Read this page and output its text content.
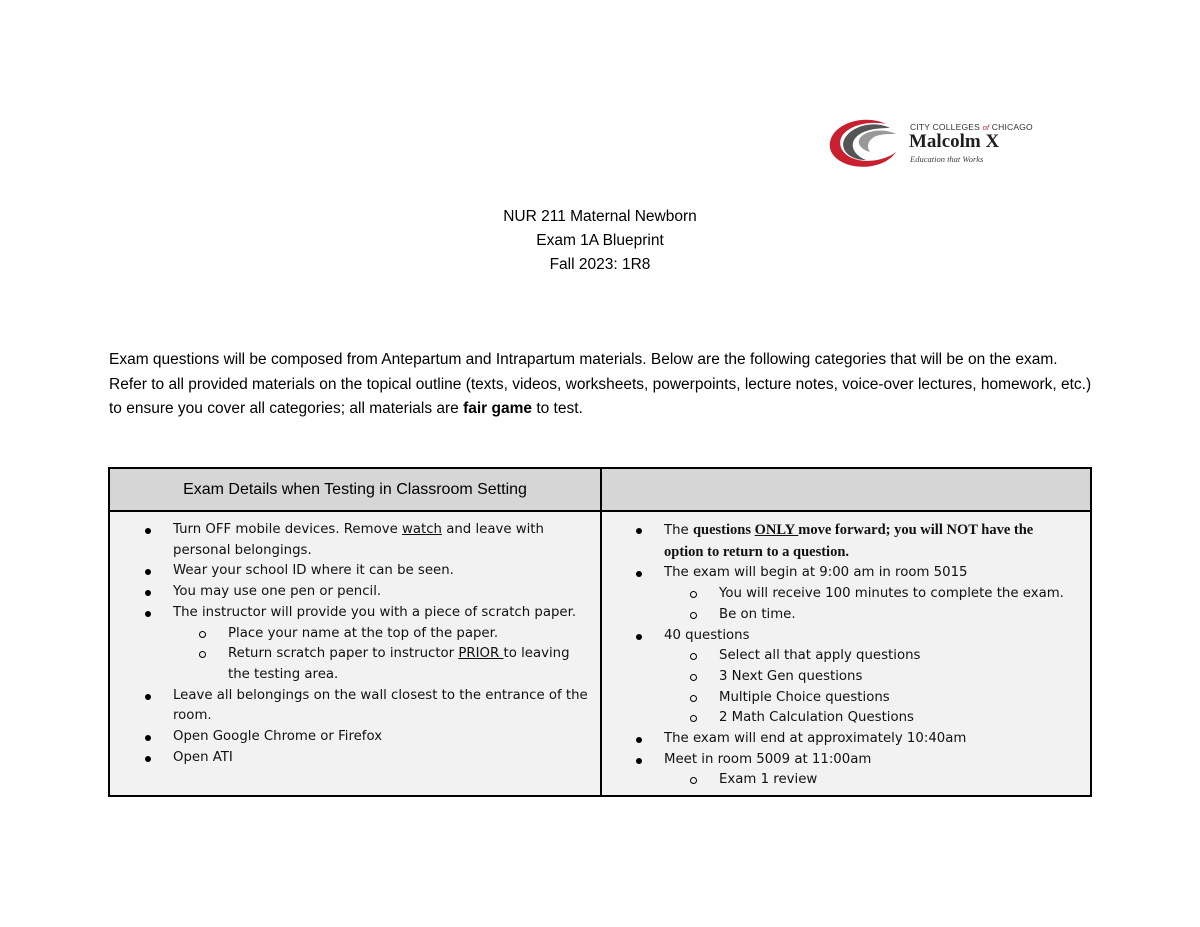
CITY COLLEGES of CHICAGO
Malcolm X
Education that Works
NUR 211 Maternal Newborn
Exam 1A Blueprint
Fall 2023: 1R8
Exam questions will be composed from Antepartum and Intrapartum materials. Below are the following categories that will be on the exam. Refer to all provided materials on the topical outline (texts, videos, worksheets, powerpoints, lecture notes, voice-over lectures, homework, etc.) to ensure you cover all categories; all materials are fair game to test.
Exam Details when Testing in Classroom Setting
Turn OFF mobile devices. Remove watch and leave with personal belongings.
Wear your school ID where it can be seen.
You may use one pen or pencil.
The instructor will provide you with a piece of scratch paper.
Place your name at the top of the paper.
Return scratch paper to instructor PRIOR to leaving the testing area.
Leave all belongings on the wall closest to the entrance of the room.
Open Google Chrome or Firefox
Open ATI
The questions ONLY move forward; you will NOT have the option to return to a question.
The exam will begin at 9:00 am in room 5015
You will receive 100 minutes to complete the exam.
Be on time.
40 questions
Select all that apply questions
3 Next Gen questions
Multiple Choice questions
2 Math Calculation Questions
The exam will end at approximately 10:40am
Meet in room 5009 at 11:00am
Exam 1 review
